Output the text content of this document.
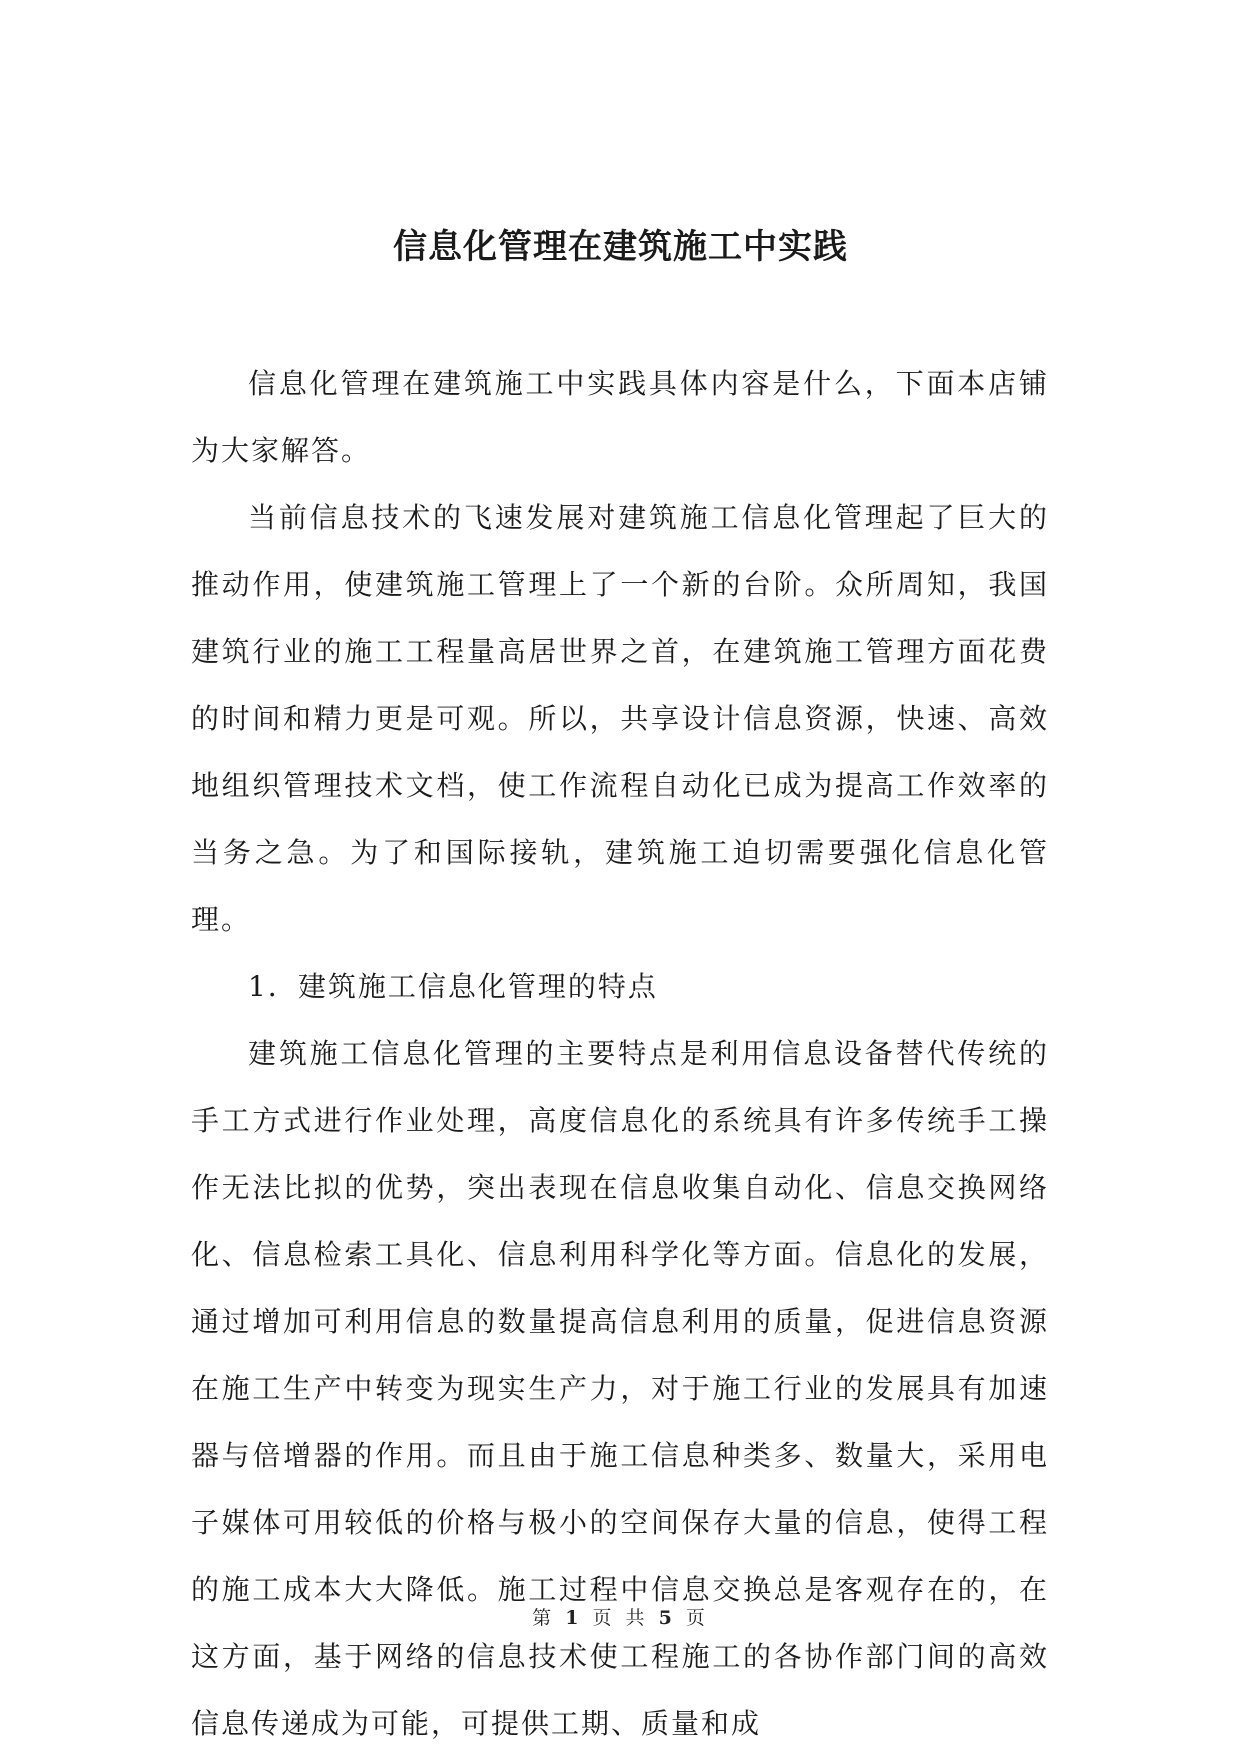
信息化管理在建筑施工中实践

信息化管理在建筑施工中实践具体内容是什么，下面本店铺为大家解答。

当前信息技术的飞速发展对建筑施工信息化管理起了巨大的推动作用，使建筑施工管理上了一个新的台阶。众所周知，我国建筑行业的施工工程量高居世界之首，在建筑施工管理方面花费的时间和精力更是可观。所以，共享设计信息资源，快速、高效地组织管理技术文档，使工作流程自动化已成为提高工作效率的当务之急。为了和国际接轨，建筑施工迫切需要强化信息化管理。

1．建筑施工信息化管理的特点

建筑施工信息化管理的主要特点是利用信息设备替代传统的手工方式进行作业处理，高度信息化的系统具有许多传统手工操作无法比拟的优势，突出表现在信息收集自动化、信息交换网络化、信息检索工具化、信息利用科学化等方面。信息化的发展，通过增加可利用信息的数量提高信息利用的质量，促进信息资源在施工生产中转变为现实生产力，对于施工行业的发展具有加速器与倍增器的作用。而且由于施工信息种类多、数量大，采用电子媒体可用较低的价格与极小的空间保存大量的信息，使得工程的施工成本大大降低。施工过程中信息交换总是客观存在的，在这方面，基于网络的信息技术使工程施工的各协作部门间的高效信息传递成为可能，可提供工期、质量和成

第 1 页 共 5 页
